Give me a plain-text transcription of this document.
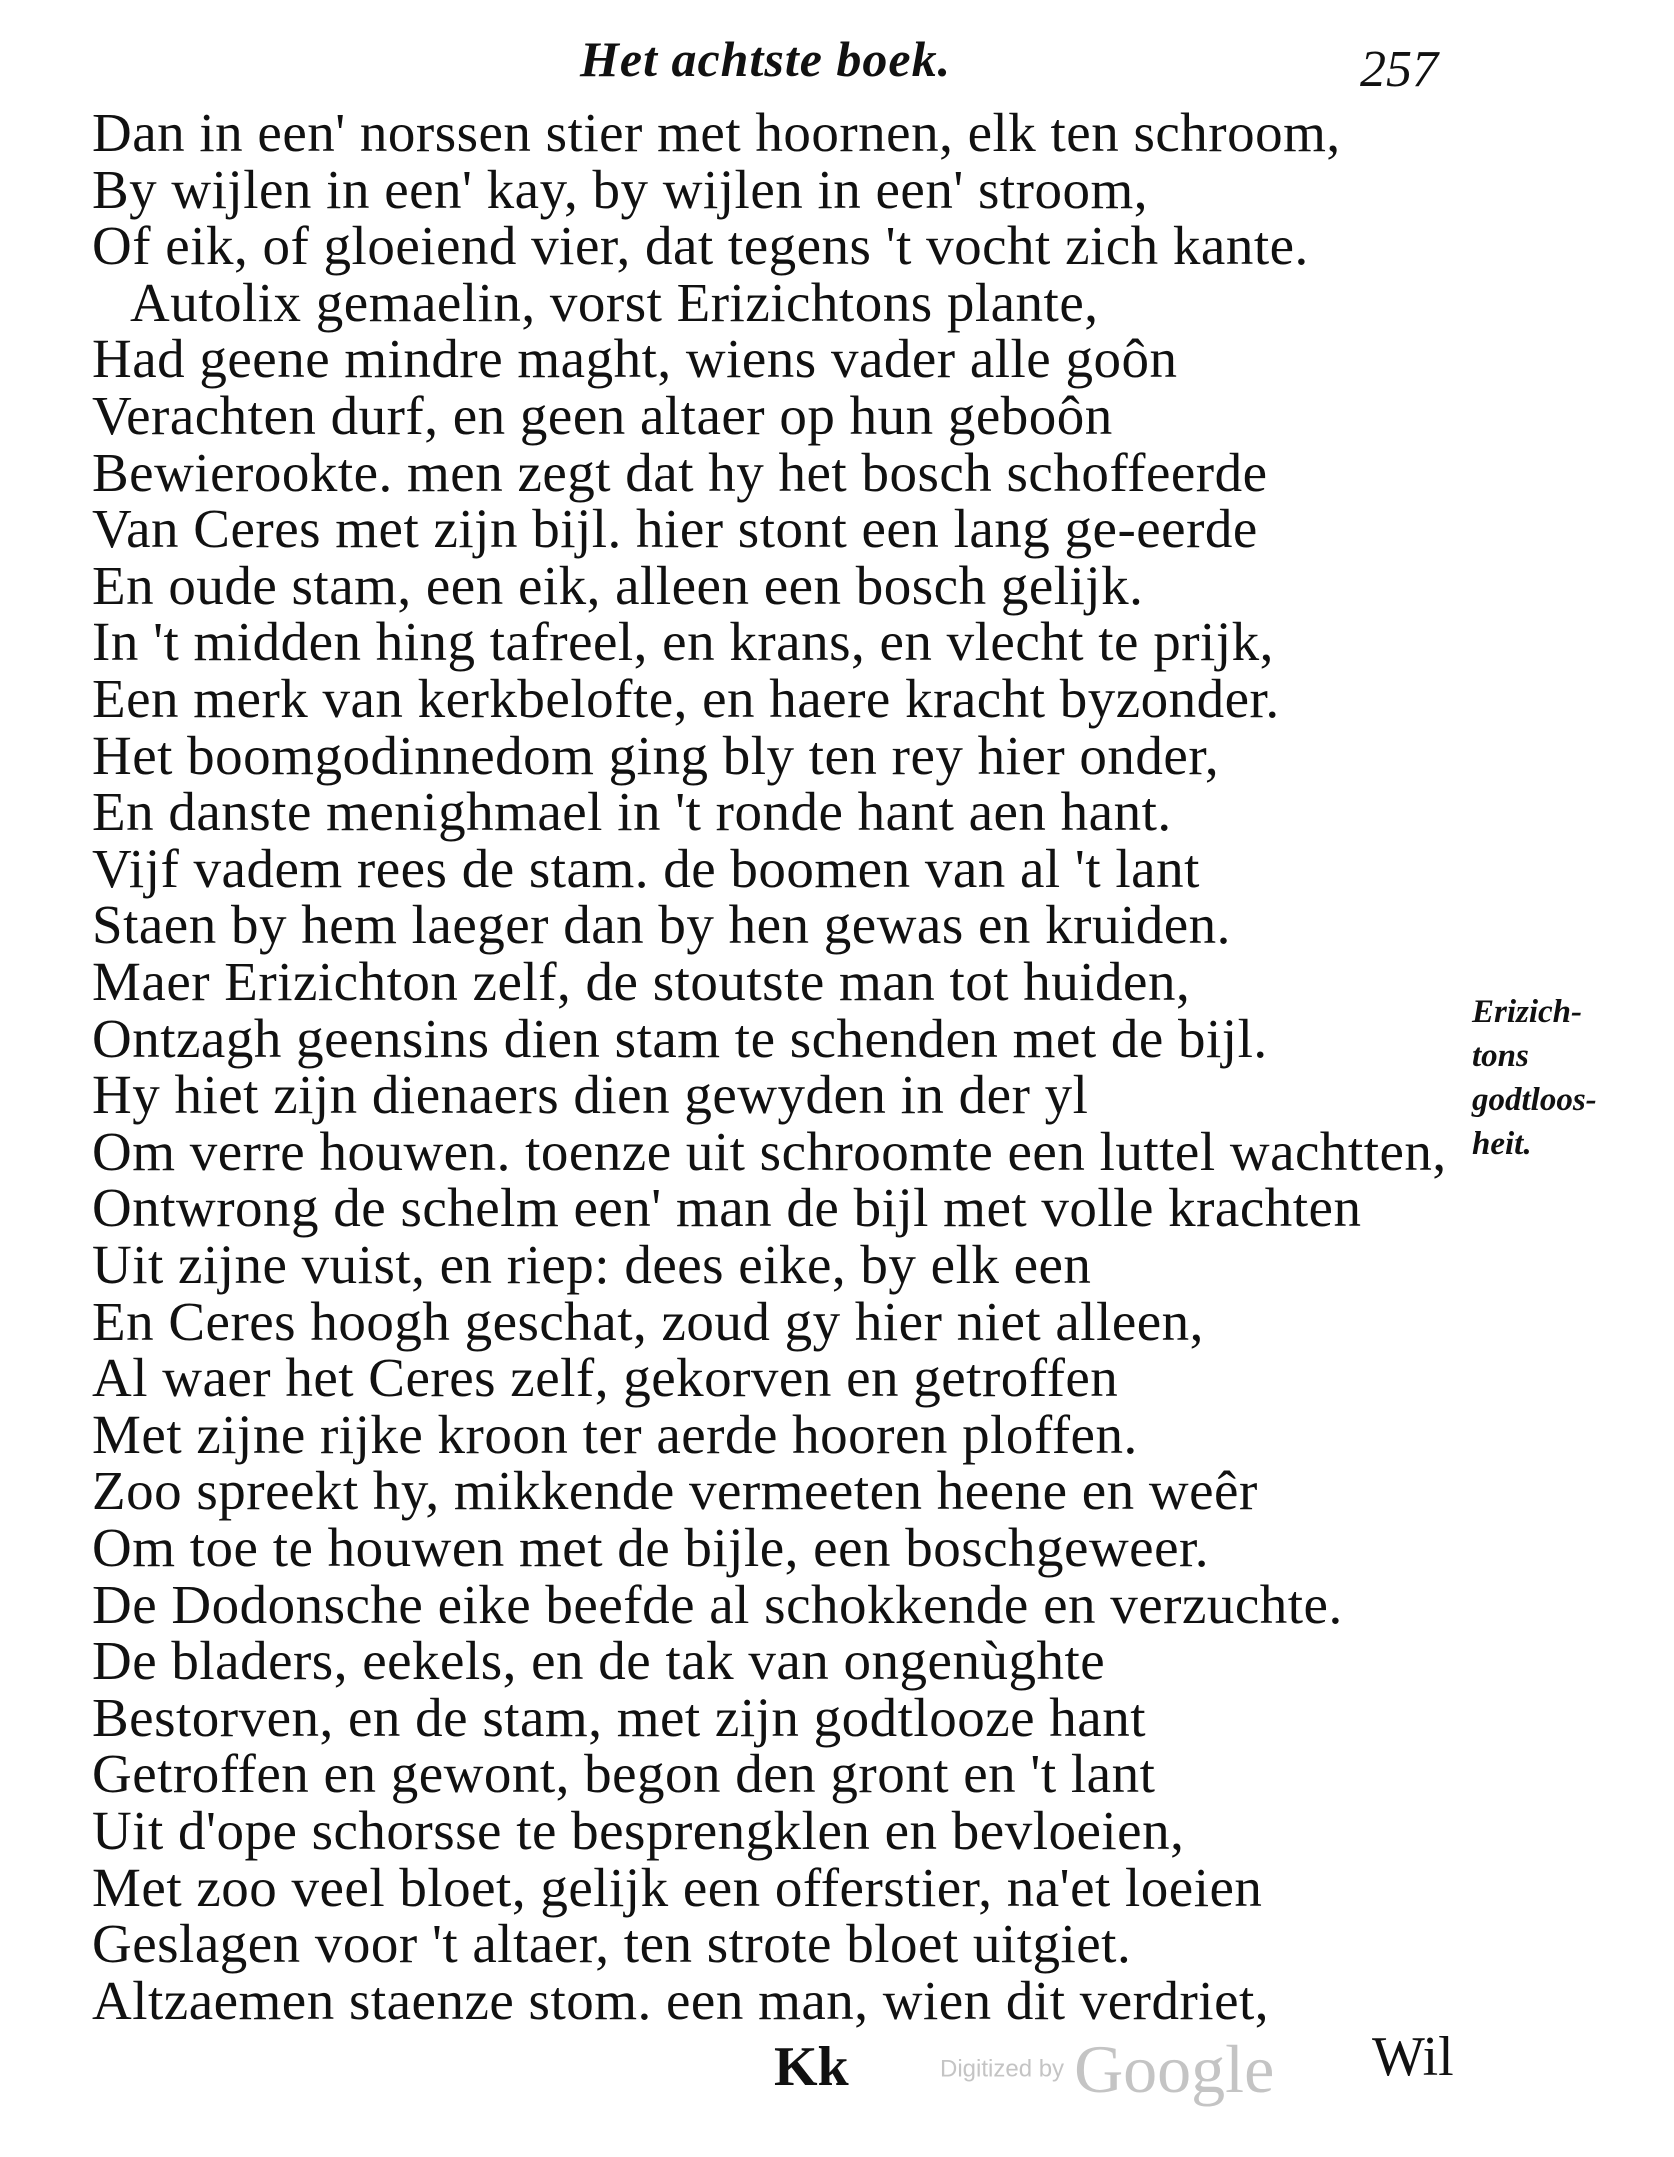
Het achtste boek.	257
Dan in een' norssen stier met hoornen, elk ten schroom,
By wijlen in een' kay, by wijlen in een' stroom,
Of eik, of gloeiend vier, dat tegens 't vocht zich kante.
Autolix gemaelin, vorst Erizichtons plante,
Had geene mindre maght, wiens vader alle goôn
Verachten durf, en geen altaer op hun geboôn
Bewierookte. men zegt dat hy het bosch schoffeerde
Van Ceres met zijn bijl. hier stont een lang ge-eerde
En oude stam, een eik, alleen een bosch gelijk.
In 't midden hing tafreel, en krans, en vlecht te prijk,
Een merk van kerkbelofte, en haere kracht byzonder.
Het boomgodinnedom ging bly ten rey hier onder,
En danste menighmael in 't ronde hant aen hant.
Vijf vadem rees de stam. de boomen van al 't lant
Staen by hem laeger dan by hen gewas en kruiden.
Maer Erizichton zelf, de stoutste man tot huiden,
Ontzagh geensins dien stam te schenden met de bijl.
Hy hiet zijn dienaers dien gewyden in der yl
Om verre houwen. toenze uit schroomte een luttel wachtten,
Ontwrong de schelm een' man de bijl met volle krachten
Uit zijne vuist, en riep: dees eike, by elk een
En Ceres hoogh geschat, zoud gy hier niet alleen,
Al waer het Ceres zelf, gekorven en getroffen
Met zijne rijke kroon ter aerde hooren ploffen.
Zoo spreekt hy, mikkende vermeeten heene en weêr
Om toe te houwen met de bijle, een boschgeweer.
De Dodonsche eike beefde al schokkende en verzuchte.
De bladers, eekels, en de tak van ongenùghte
Bestorven, en de stam, met zijn godtlooze hant
Getroffen en gewont, begon den gront en 't lant
Uit d'ope schorsse te besprengklen en bevloeien,
Met zoo veel bloet, gelijk een offerstier, na'et loeien
Geslagen voor 't altaer, ten strote bloet uitgiet.
Altzaemen staenze stom. een man, wien dit verdriet,
Erizich-
tons
godtloos-
heit.
Kk	Digitized by Google Wil
